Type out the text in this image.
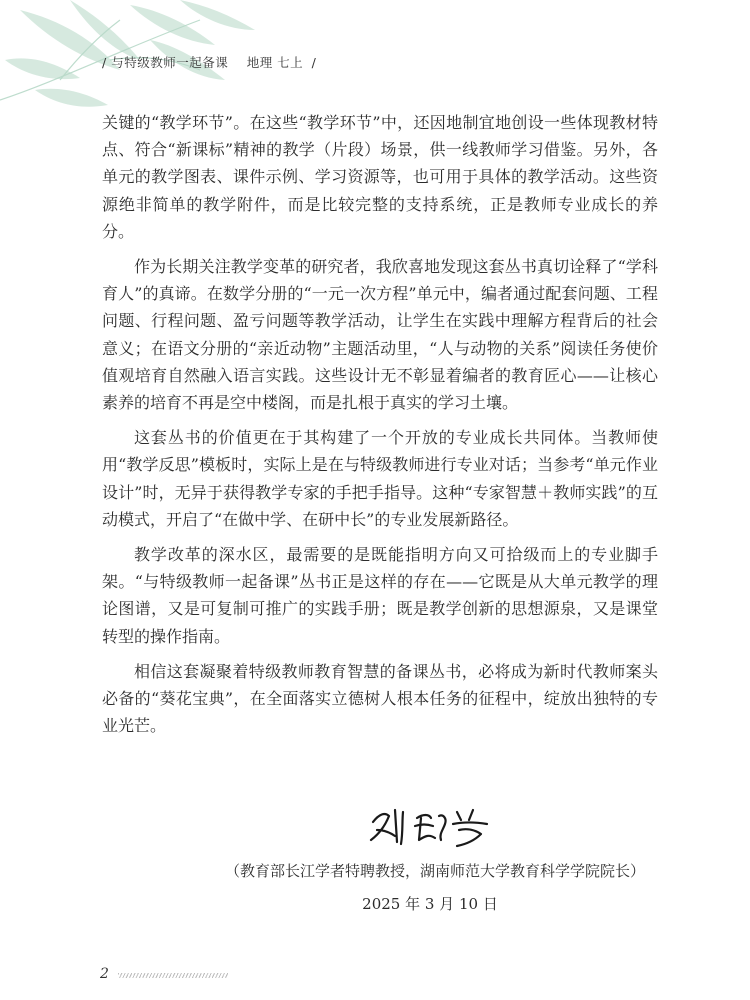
/ 与特级教师一起备课 地理 七上 /

关键的“教学环节”。在这些“教学环节”中，还因地制宜地创设一些体现教材特点、符合“新课标”精神的教学（片段）场景，供一线教师学习借鉴。另外，各单元的教学图表、课件示例、学习资源等，也可用于具体的教学活动。这些资源绝非简单的教学附件，而是比较完整的支持系统，正是教师专业成长的养分。

作为长期关注教学变革的研究者，我欣喜地发现这套丛书真切诠释了“学科育人”的真谛。在数学分册的“一元一次方程”单元中，编者通过配套问题、工程问题、行程问题、盈亏问题等教学活动，让学生在实践中理解方程背后的社会意义；在语文分册的“亲近动物”主题活动里，“人与动物的关系”阅读任务使价值观培育自然融入语言实践。这些设计无不彰显着编者的教育匠心——让核心素养的培育不再是空中楼阁，而是扎根于真实的学习土壤。

这套丛书的价值更在于其构建了一个开放的专业成长共同体。当教师使用“教学反思”模板时，实际上是在与特级教师进行专业对话；当参考“单元作业设计”时，无异于获得教学专家的手把手指导。这种“专家智慧＋教师实践”的互动模式，开启了“在做中学、在研中长”的专业发展新路径。

教学改革的深水区，最需要的是既能指明方向又可拾级而上的专业脚手架。“与特级教师一起备课”丛书正是这样的存在——它既是从大单元教学的理论图谱，又是可复制可推广的实践手册；既是教学创新的思想源泉，又是课堂转型的操作指南。

相信这套凝聚着特级教师教育智慧的备课丛书，必将成为新时代教师案头必备的“葵花宝典”，在全面落实立德树人根本任务的征程中，绽放出独特的专业光芒。

（教育部长江学者特聘教授，湖南师范大学教育科学学院院长）
2025 年 3 月 10 日
2
